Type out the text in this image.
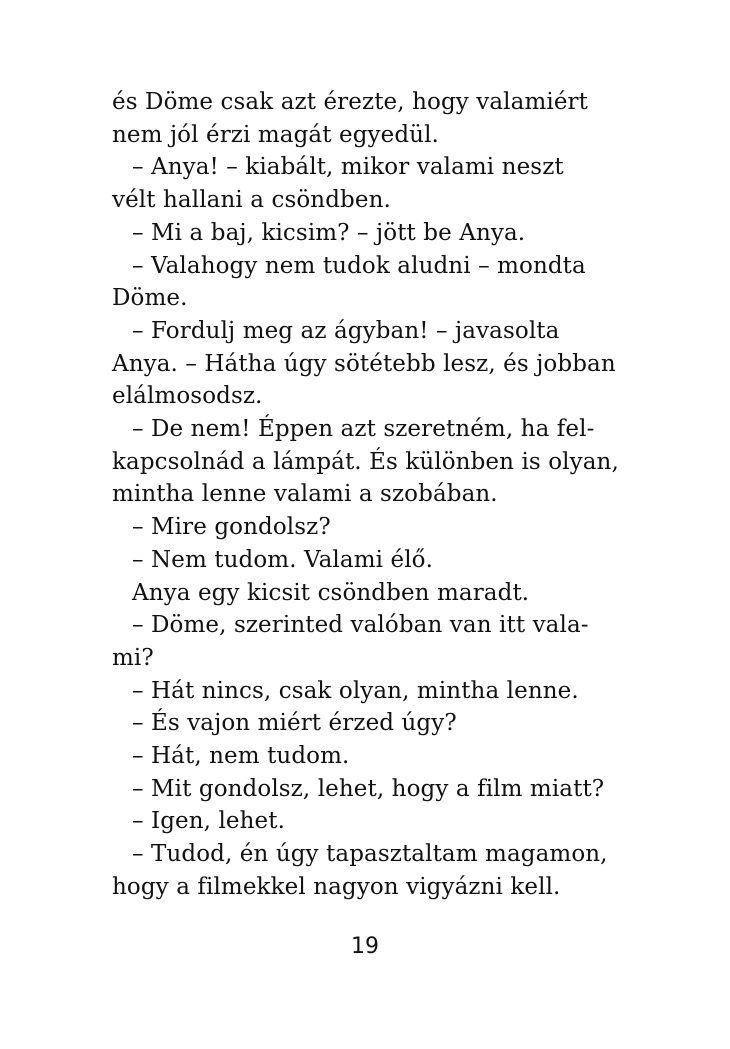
és Döme csak azt érezte, hogy valamiért
nem jól érzi magát egyedül.
– Anya! – kiabált, mikor valami neszt
vélt hallani a csöndben.
– Mi a baj, kicsim? – jött be Anya.
– Valahogy nem tudok aludni – mondta
Döme.
– Fordulj meg az ágyban! – javasolta
Anya. – Hátha úgy sötétebb lesz, és jobban
elálmosodsz.
– De nem! Éppen azt szeretném, ha fel-
kapcsolnád a lámpát. És különben is olyan,
mintha lenne valami a szobában.
– Mire gondolsz?
– Nem tudom. Valami élő.
Anya egy kicsit csöndben maradt.
– Döme, szerinted valóban van itt vala-
mi?
– Hát nincs, csak olyan, mintha lenne.
– És vajon miért érzed úgy?
– Hát, nem tudom.
– Mit gondolsz, lehet, hogy a film miatt?
– Igen, lehet.
– Tudod, én úgy tapasztaltam magamon,
hogy a filmekkel nagyon vigyázni kell.
19
